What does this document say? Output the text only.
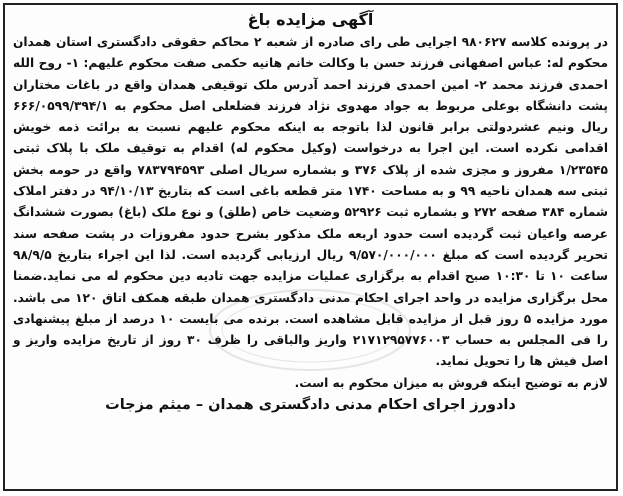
آگهی مزایده باغ

در پرونده کلاسه ۹۸۰۶۲۷ اجرایی طی رای صادره از شعبه ۲ محاکم حقوقی دادگستری استان همدان محکوم له: عباس اصفهانی فرزند حسن با وکالت خانم هانیه حکمی صفت محکوم علیهم: ۱- روح الله احمدی فرزند محمد ۲- امین احمدی فرزند احمد آدرس ملک توقیفی همدان واقع در باغات مختاران پشت دانشگاه بوعلی مربوط به جواد مهدوی نژاد فرزند فضلعلی اصل محکوم به ۶۶۶/۰۵۹۹/۳۹۴/۱ ریال ونیم عشردولتی برابر قانون لذا باتوجه به اینکه محکوم علیهم نسبت به برائت ذمه خویش اقدامی نکرده است. این اجرا به درخواست (وکیل محکوم له) اقدام به توقیف ملک با پلاک ثبتی ۱/۲۳۵۴۵ مفروز و مجزی شده از پلاک ۳۷۶ و بشماره سریال اصلی ۷۸۳۷۹۴۵۹۳ واقع در حومه بخش ثبتی سه همدان ناحیه ۹۹ و به مساحت ۱۷۴۰ متر قطعه باغی است که بتاریخ ۹۴/۱۰/۱۳ در دفتر املاک شماره ۳۸۴ صفحه ۲۷۲ و بشماره ثبت ۵۲۹۲۶ وضعیت خاص (طلق) و نوع ملک (باغ) بصورت ششدانگ عرصه واعیان ثبت گردیده است حدود اربعه ملک مذکور بشرح حدود مفروزات در پشت صفحه سند تحریر گردیده است که مبلغ ۹/۵۷۰/۰۰۰/۰۰۰ ریال ارزیابی گردیده است. لذا این اجراء بتاریخ ۹۸/۹/۵ ساعت ۱۰ تا ۱۰:۳۰ صبح اقدام به برگزاری عملیات مزایده جهت تادیه دین محکوم له می نماید.ضمنا محل برگزاری مزایده در واحد اجرای احکام مدنی دادگستری همدان طبقه همکف اتاق ۱۲۰ می باشد. مورد مزایده ۵ روز قبل از مزایده قابل مشاهده است. برنده می بایست ۱۰ درصد از مبلغ پیشنهادی را فی المجلس به حساب ۲۱۷۱۲۹۵۷۷۶۰۰۳ واریز والباقی را ظرف ۳۰ روز از تاریخ مزایده واریز و اصل فیش ها را تحویل نماید.

لازم به توضیح اینکه فروش به میزان محکوم به است.

دادورز اجرای احکام مدنی دادگستری همدان – میثم مزجات
